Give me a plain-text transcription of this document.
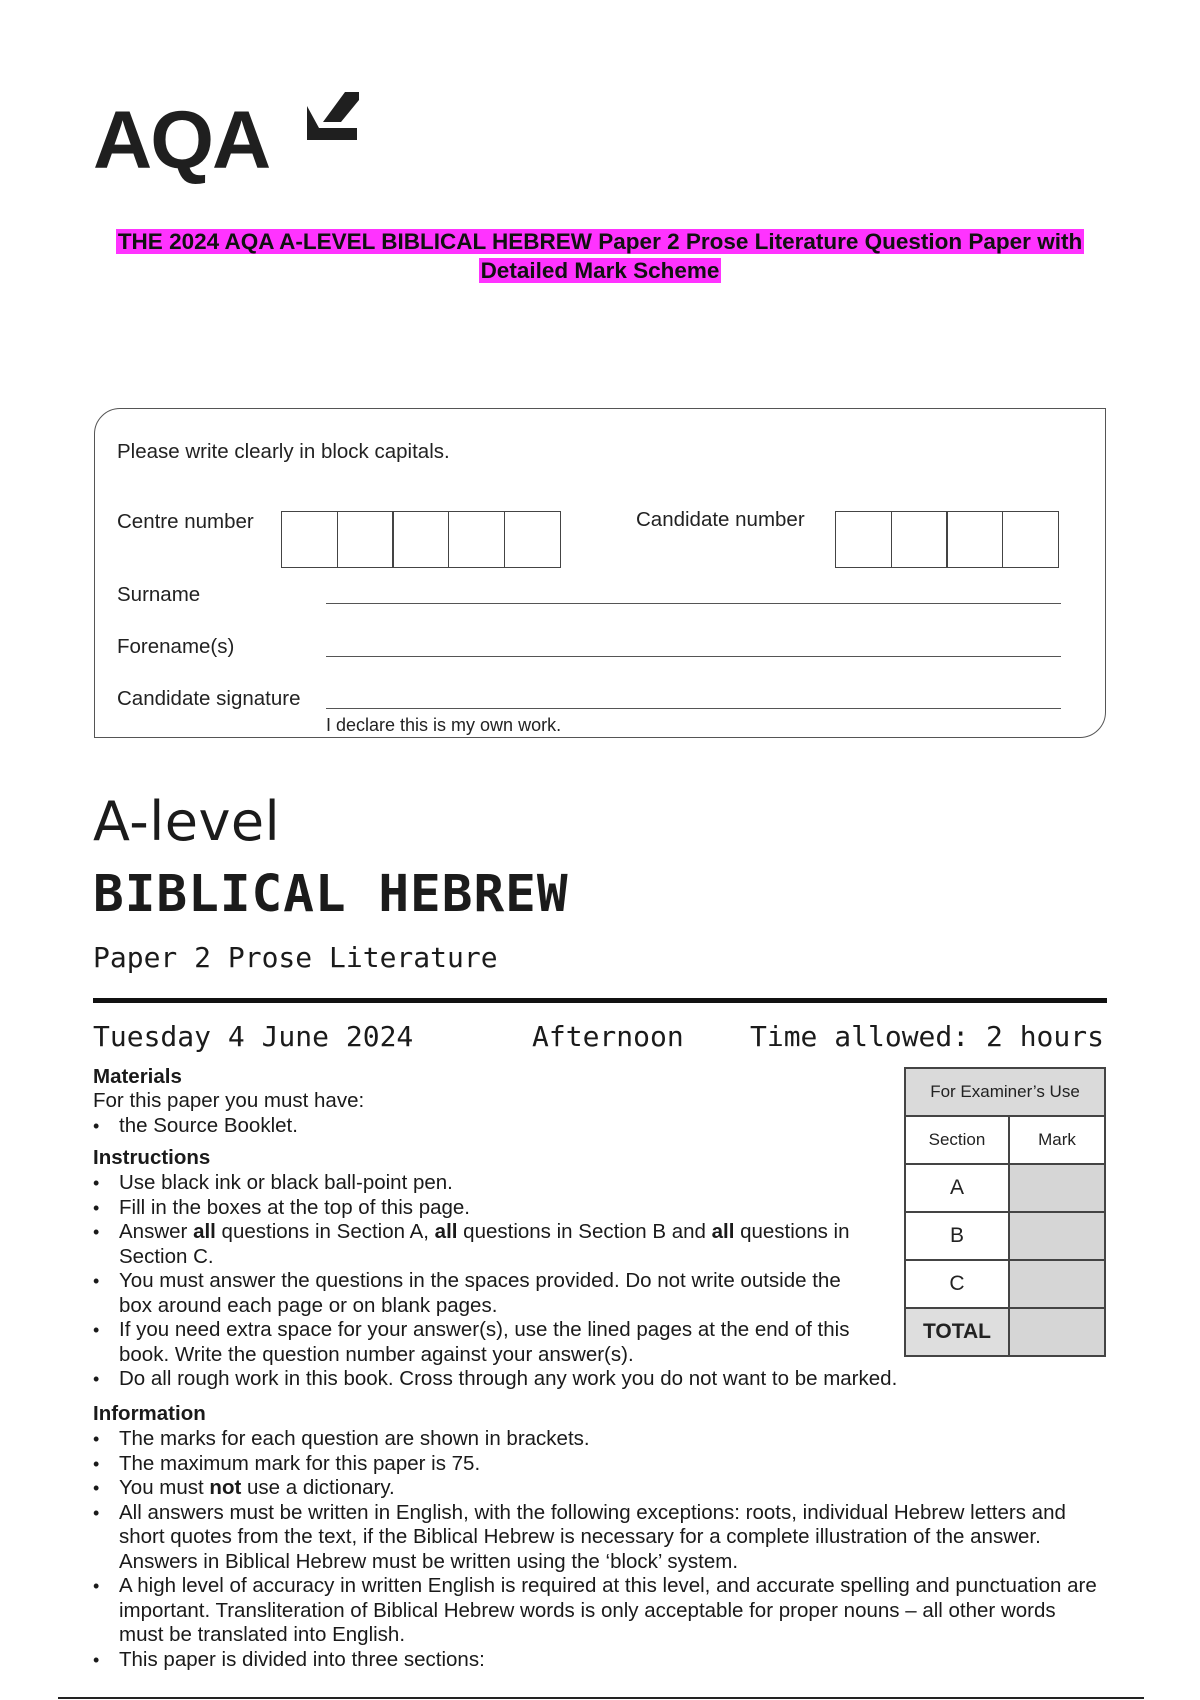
AQA
THE 2024 AQA A-LEVEL BIBLICAL HEBREW Paper 2 Prose Literature Question Paper with
Detailed Mark Scheme
Please write clearly in block capitals.
Centre number	Candidate number
Surname
Forename(s)
Candidate signature
I declare this is my own work.
A-level
BIBLICAL HEBREW
Paper 2 Prose Literature
Tuesday 4 June 2024	Afternoon Time allowed: 2 hours
Materials
For this paper you must have:
• the Source Booklet.
Instructions
• Use black ink or black ball-point pen.
• Fill in the boxes at the top of this page.
• Answer all questions in Section A, all questions in Section B and all questions in Section C.
• You must answer the questions in the spaces provided. Do not write outside the box around each page or on blank pages.
• If you need extra space for your answer(s), use the lined pages at the end of this book. Write the question number against your answer(s).
• Do all rough work in this book. Cross through any work you do not want to be marked.
Information
• The marks for each question are shown in brackets.
• The maximum mark for this paper is 75.
• You must not use a dictionary.
• All answers must be written in English, with the following exceptions: roots, individual Hebrew letters and short quotes from the text, if the Biblical Hebrew is necessary for a complete illustration of the answer. Answers in Biblical Hebrew must be written using the ‘block’ system.
• A high level of accuracy in written English is required at this level, and accurate spelling and punctuation are important. Transliteration of Biblical Hebrew words is only acceptable for proper nouns – all other words must be translated into English.
• This paper is divided into three sections:
For Examiner’s Use	
Section	Mark
A	
B	
C	
TOTAL	
